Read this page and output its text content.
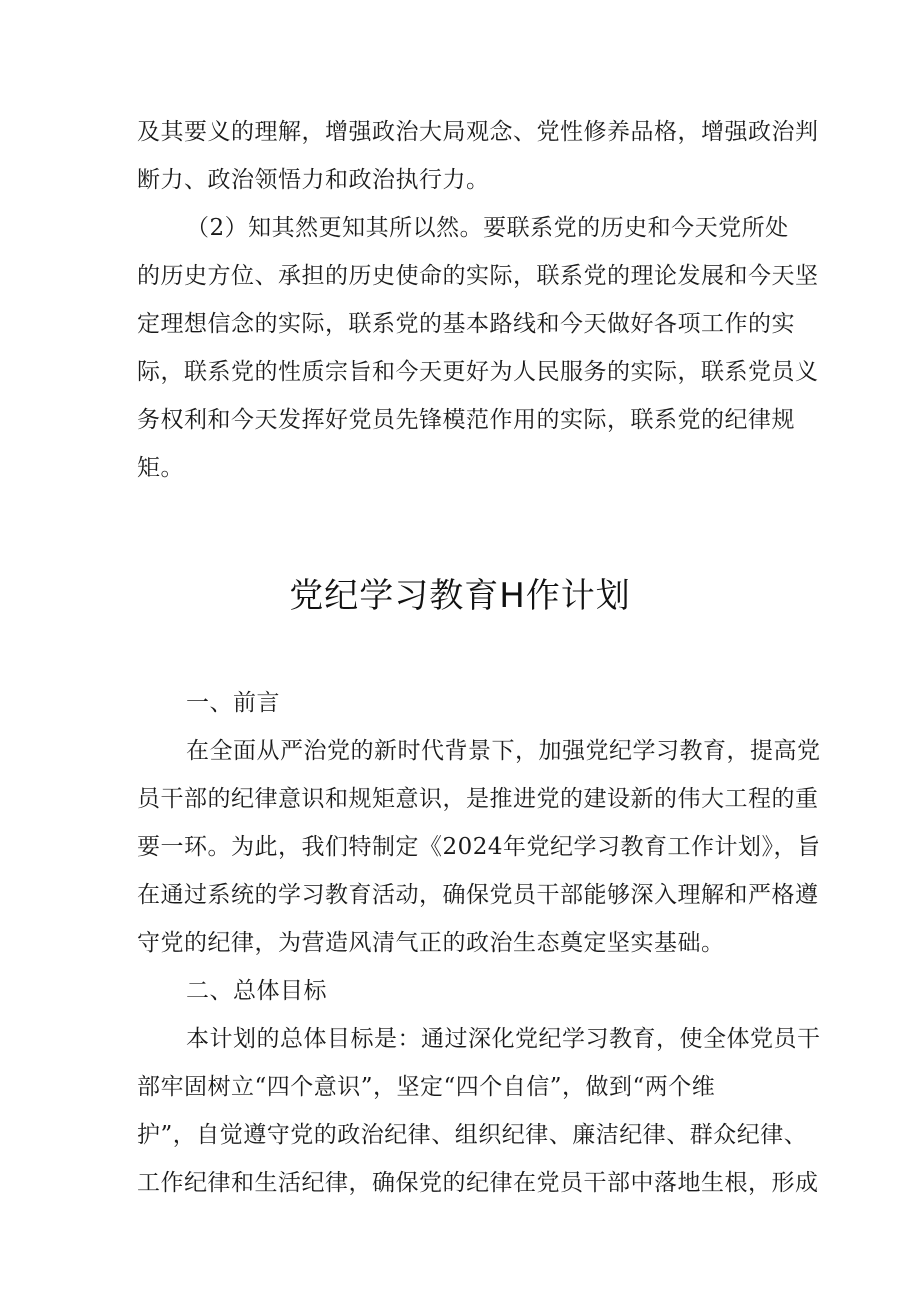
及其要义的理解，增强政治大局观念、党性修养品格，增强政治判
断力、政治领悟力和政治执行力。
（2）知其然更知其所以然。要联系党的历史和今天党所处
的历史方位、承担的历史使命的实际，联系党的理论发展和今天坚
定理想信念的实际，联系党的基本路线和今天做好各项工作的实
际，联系党的性质宗旨和今天更好为人民服务的实际，联系党员义
务权利和今天发挥好党员先锋模范作用的实际，联系党的纪律规
矩。
党纪学习教育H作计划
一、前言
在全面从严治党的新时代背景下，加强党纪学习教育，提高党
员干部的纪律意识和规矩意识，是推进党的建设新的伟大工程的重
要一环。为此，我们特制定《2024年党纪学习教育工作计划》，旨
在通过系统的学习教育活动，确保党员干部能够深入理解和严格遵
守党的纪律，为营造风清气正的政治生态奠定坚实基础。
二、总体目标
本计划的总体目标是：通过深化党纪学习教育，使全体党员干
部牢固树立“四个意识”，坚定“四个自信”，做到“两个维
护”，自觉遵守党的政治纪律、组织纪律、廉洁纪律、群众纪律、
工作纪律和生活纪律，确保党的纪律在党员干部中落地生根，形成
